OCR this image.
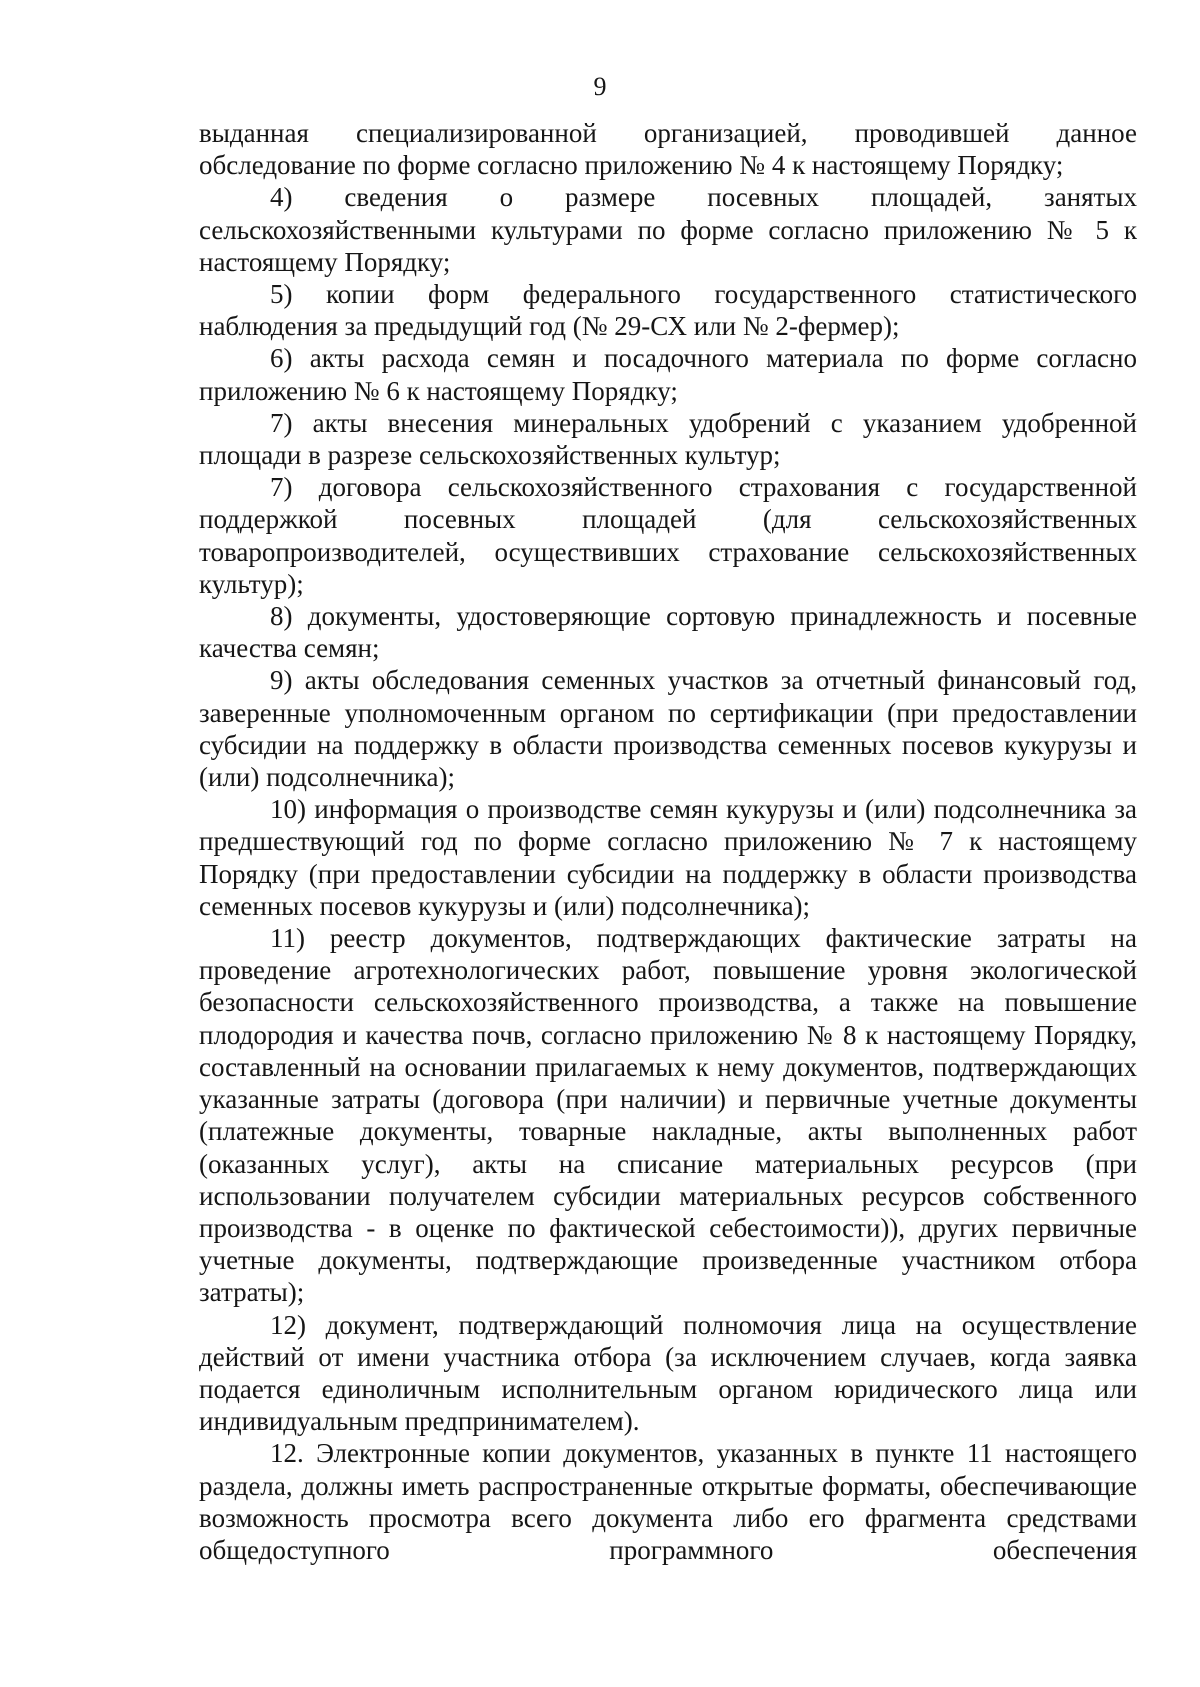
9

выданная специализированной организацией, проводившей данное обследование по форме согласно приложению № 4 к настоящему Порядку;

4) сведения о размере посевных площадей, занятых сельскохозяйственными культурами по форме согласно приложению № 5 к настоящему Порядку;

5) копии форм федерального государственного статистического наблюдения за предыдущий год (№ 29-СХ или № 2-фермер);

6) акты расхода семян и посадочного материала по форме согласно приложению № 6 к настоящему Порядку;

7) акты внесения минеральных удобрений с указанием удобренной площади в разрезе сельскохозяйственных культур;

7) договора сельскохозяйственного страхования с государственной поддержкой посевных площадей (для сельскохозяйственных товаропроизводителей, осуществивших страхование сельскохозяйственных культур);

8) документы, удостоверяющие сортовую принадлежность и посевные качества семян;

9) акты обследования семенных участков за отчетный финансовый год, заверенные уполномоченным органом по сертификации (при предоставлении субсидии на поддержку в области производства семенных посевов кукурузы и (или) подсолнечника);

10) информация о производстве семян кукурузы и (или) подсолнечника за предшествующий год по форме согласно приложению № 7 к настоящему Порядку (при предоставлении субсидии на поддержку в области производства семенных посевов кукурузы и (или) подсолнечника);

11) реестр документов, подтверждающих фактические затраты на проведение агротехнологических работ, повышение уровня экологической безопасности сельскохозяйственного производства, а также на повышение плодородия и качества почв, согласно приложению № 8 к настоящему Порядку, составленный на основании прилагаемых к нему документов, подтверждающих указанные затраты (договора (при наличии) и первичные учетные документы (платежные документы, товарные накладные, акты выполненных работ (оказанных услуг), акты на списание материальных ресурсов (при использовании получателем субсидии материальных ресурсов собственного производства - в оценке по фактической себестоимости)), других первичные учетные документы, подтверждающие произведенные участником отбора затраты);

12) документ, подтверждающий полномочия лица на осуществление действий от имени участника отбора (за исключением случаев, когда заявка подается единоличным исполнительным органом юридического лица или индивидуальным предпринимателем).

12. Электронные копии документов, указанных в пункте 11 настоящего раздела, должны иметь распространенные открытые форматы, обеспечивающие возможность просмотра всего документа либо его фрагмента средствами общедоступного программного обеспечения
